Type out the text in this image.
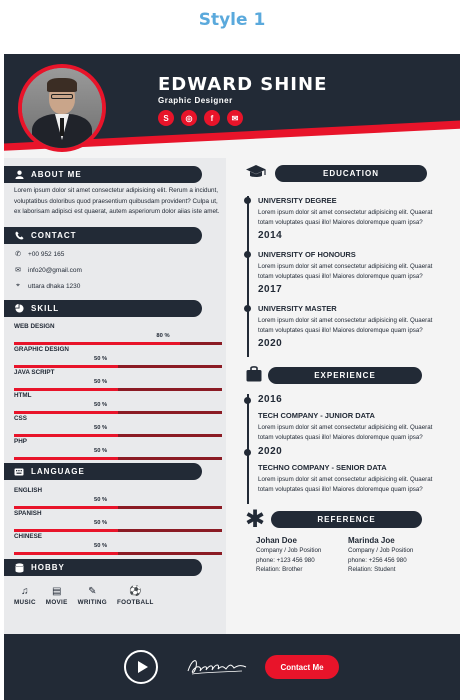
Style 1
EDWARD SHINE
Graphic Designer
S	◎	f	✉
ABOUT ME
Lorem ipsum dolor sit amet consectetur adipisicing elit. Rerum a incidunt, voluptatibus doloribus quod praesentium quibusdam provident? Culpa ut, ex laborisam adipisci est quaerat, autem asperiorum dolor aiias iste amet.
CONTACT
✆ +00 952 165
✉ info20@gmail.com
⌖	uttara dhaka 1230
SKILL
WEB DESIGN
80 %
GRAPHIC DESIGN
50 %
JAVA SCRIPT
50 %
HTML
50 %
CSS
50 %
PHP
50 %
LANGUAGE
ENGLISH
50 %
SPANISH
50 %
CHINESE
50 %
HOBBY
♫
MUSIC
▤
MOVIE
✎
WRITING
⚽
FOOTBALL
EDUCATION
UNIVERSITY DEGREE
Lorem ipsum dolor sit amet consectetur adipisicing elit. Quaerat totam voluptates quasi illo! Maiores doloremque quam ipsa?
2014
UNIVERSITY OF HONOURS
Lorem ipsum dolor sit amet consectetur adipisicing elit. Quaerat totam voluptates quasi illo! Maiores doloremque quam ipsa?
2017
UNIVERSITY MASTER
Lorem ipsum dolor sit amet consectetur adipisicing elit. Quaerat totam voluptates quasi illo! Maiores doloremque quam ipsa?
2020
EXPERIENCE
2016
TECH COMPANY - JUNIOR DATA
Lorem ipsum dolor sit amet consectetur adipisicing elit. Quaerat totam voluptates quasi illo! Maiores doloremque quam ipsa?
2020
TECHNO COMPANY - SENIOR DATA
Lorem ipsum dolor sit amet consectetur adipisicing elit. Quaerat totam voluptates quasi illo! Maiores doloremque quam ipsa?
✱	REFERENCE
Johan Doe
Company / Job Position
phone: +123 456 980
Relation: Brother
Marinda Joe
Company / Job Position
phone: +256 456 980
Relation: Student
Contact Me
